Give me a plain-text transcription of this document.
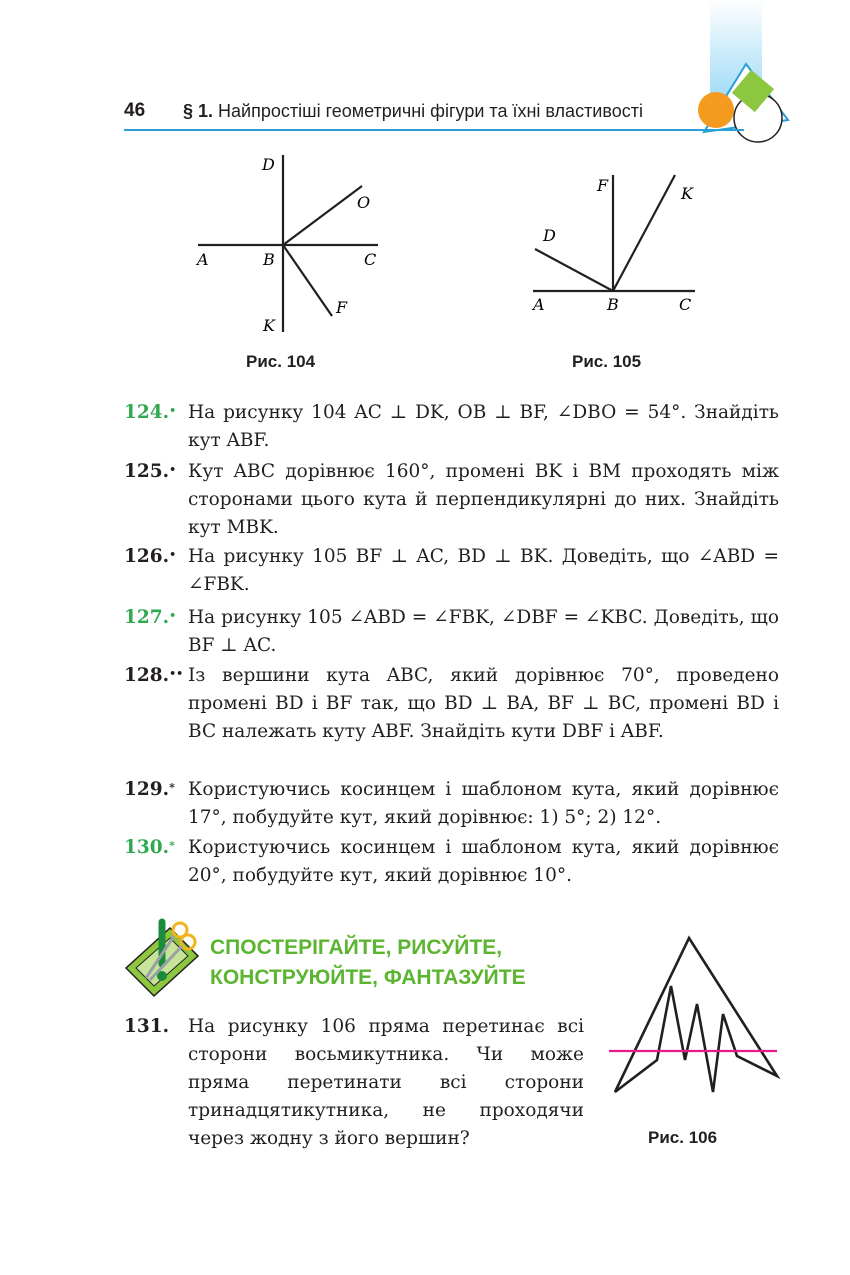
46 § 1. Найпростіші геометричні фігури та їхні властивості
D
O
A	B	C
K
F
Рис. 104
F	K
D
A	B	C
Рис. 105
124.• На рисунку 104 AC ⊥ DK, OB ⊥ BF, ∠DBO = 54°. Знайдіть кут ABF.
125.• Кут ABC дорівнює 160°, промені BK і BM проходять між сторонами цього кута й перпендикулярні до них. Знайдіть кут MBK.
126.• На рисунку 105 BF ⊥ AC, BD ⊥ BK. Доведіть, що ∠ABD = ∠FBK.
127.• На рисунку 105 ∠ABD = ∠FBK, ∠DBF = ∠KBC. Доведіть, що BF ⊥ AC.
128.•• Із вершини кута ABC, який дорівнює 70°, проведено промені BD і BF так, що BD ⊥ BA, BF ⊥ BC, промені BD і BC належать куту ABF. Знайдіть кути DBF і ABF.
129.* Користуючись косинцем і шаблоном кута, який дорівнює 17°, побудуйте кут, який дорівнює: 1) 5°; 2) 12°.
130.* Користуючись косинцем і шаблоном кута, який дорівнює 20°, побудуйте кут, який дорівнює 10°.
СПОСТЕРІГАЙТЕ, РИСУЙТЕ,
КОНСТРУЮЙТЕ, ФАНТАЗУЙТЕ
131. На рисунку 106 пряма перетинає всі сторони восьмикутника. Чи може пряма перетинати всі сторони тринадцятикутника, не проходячи через жодну з його вершин?	Рис. 106
